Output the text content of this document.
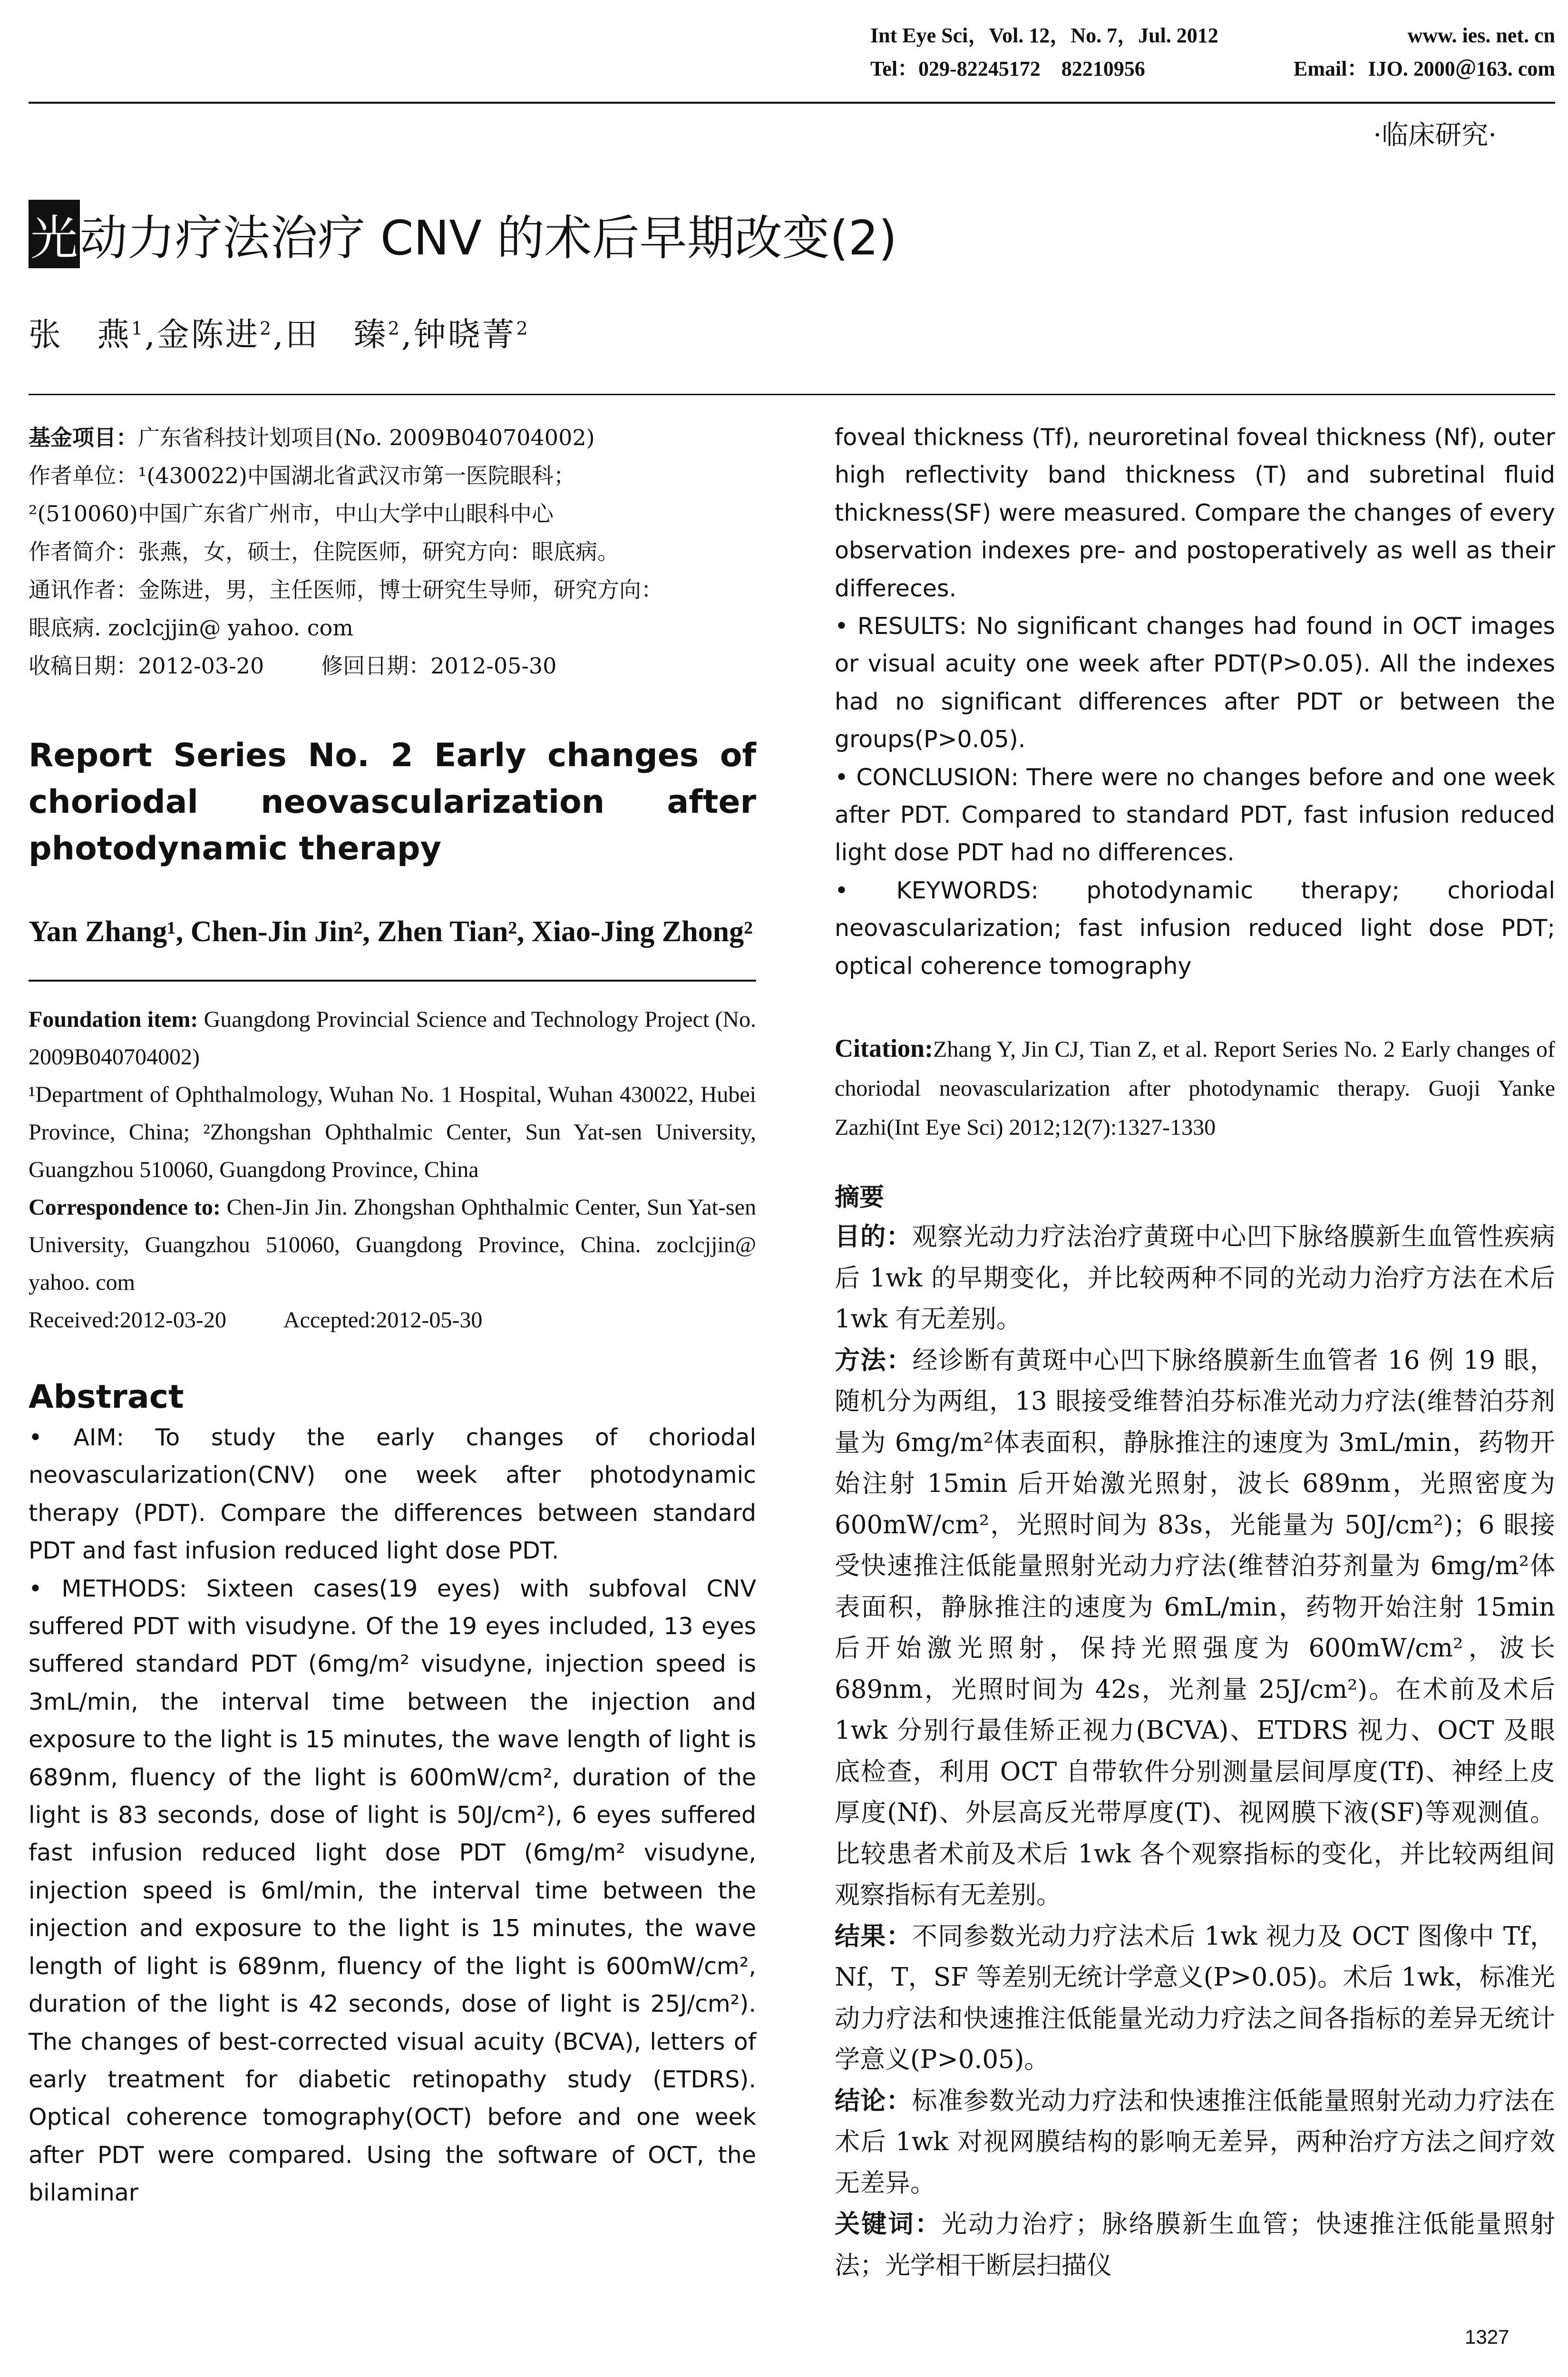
Int Eye Sci，Vol. 12，No. 7，Jul. 2012	www. ies. net. cn
Tel：029-82245172　82210956	Email：IJO. 2000＠163. com
·临床研究·
光动力疗法治疗 CNV 的术后早期改变(2)
张　燕$^1$,金陈进$^2$,田　臻$^2$,钟晓菁$^2$
基金项目：广东省科技计划项目(No. 2009B040704002)
作者单位：¹(430022)中国湖北省武汉市第一医院眼科；
²(510060)中国广东省广州市，中山大学中山眼科中心
作者简介：张燕，女，硕士，住院医师，研究方向：眼底病。
通讯作者：金陈进，男，主任医师，博士研究生导师，研究方向：
眼底病. zoclcjjin@ yahoo. com
收稿日期：2012-03-20	修回日期：2012-05-30
Report Series No. 2 Early changes of choriodal neovascularization after photodynamic therapy
Yan Zhang¹, Chen-Jin Jin², Zhen Tian², Xiao-Jing Zhong²

Foundation item: Guangdong Provincial Science and Technology Project (No. 2009B040704002)

¹Department of Ophthalmology, Wuhan No. 1 Hospital, Wuhan 430022, Hubei Province, China; ²Zhongshan Ophthalmic Center, Sun Yat-sen University, Guangzhou 510060, Guangdong Province, China

Correspondence to: Chen-Jin Jin. Zhongshan Ophthalmic Center, Sun Yat-sen University, Guangzhou 510060, Guangdong Province, China. zoclcjjin@ yahoo. com

Received:2012-03-20	Accepted:2012-05-30

Abstract

• AIM: To study the early changes of choriodal neovascularization(CNV) one week after photodynamic therapy (PDT). Compare the differences between standard PDT and fast infusion reduced light dose PDT.

• METHODS: Sixteen cases(19 eyes) with subfoval CNV suffered PDT with visudyne. Of the 19 eyes included, 13 eyes suffered standard PDT (6mg/m² visudyne, injection speed is 3mL/min, the interval time between the injection and exposure to the light is 15 minutes, the wave length of light is 689nm, fluency of the light is 600mW/cm², duration of the light is 83 seconds, dose of light is 50J/cm²), 6 eyes suffered fast infusion reduced light dose PDT (6mg/m² visudyne, injection speed is 6ml/min, the interval time between the injection and exposure to the light is 15 minutes, the wave length of light is 689nm, fluency of the light is 600mW/cm², duration of the light is 42 seconds, dose of light is 25J/cm²). The changes of best-corrected visual acuity (BCVA), letters of early treatment for diabetic retinopathy study (ETDRS). Optical coherence tomography(OCT) before and one week after PDT were compared. Using the software of OCT, the bilaminar

foveal thickness (Tf), neuroretinal foveal thickness (Nf), outer high reflectivity band thickness (T) and subretinal fluid thickness(SF) were measured. Compare the changes of every observation indexes pre- and postoperatively as well as their differeces.

• RESULTS: No significant changes had found in OCT images or visual acuity one week after PDT(P>0.05). All the indexes had no significant differences after PDT or between the groups(P>0.05).

• CONCLUSION: There were no changes before and one week after PDT. Compared to standard PDT, fast infusion reduced light dose PDT had no differences.

• KEYWORDS: photodynamic therapy; choriodal neovascularization; fast infusion reduced light dose PDT; optical coherence tomography

Citation:Zhang Y, Jin CJ, Tian Z, et al. Report Series No. 2 Early changes of choriodal neovascularization after photodynamic therapy. Guoji Yanke Zazhi(Int Eye Sci) 2012;12(7):1327-1330
摘要

目的：观察光动力疗法治疗黄斑中心凹下脉络膜新生血管性疾病后 1wk 的早期变化，并比较两种不同的光动力治疗方法在术后 1wk 有无差别。

方法：经诊断有黄斑中心凹下脉络膜新生血管者 16 例 19 眼，随机分为两组，13 眼接受维替泊芬标准光动力疗法(维替泊芬剂量为 6mg/m²体表面积，静脉推注的速度为 3mL/min，药物开始注射 15min 后开始激光照射，波长 689nm，光照密度为 600mW/cm²，光照时间为 83s，光能量为 50J/cm²)；6 眼接受快速推注低能量照射光动力疗法(维替泊芬剂量为 6mg/m²体表面积，静脉推注的速度为 6mL/min，药物开始注射 15min 后开始激光照射，保持光照强度为 600mW/cm²，波长 689nm，光照时间为 42s，光剂量 25J/cm²)。在术前及术后 1wk 分别行最佳矫正视力(BCVA)、ETDRS 视力、OCT 及眼底检查，利用 OCT 自带软件分别测量层间厚度(Tf)、神经上皮厚度(Nf)、外层高反光带厚度(T)、视网膜下液(SF)等观测值。比较患者术前及术后 1wk 各个观察指标的变化，并比较两组间观察指标有无差别。

结果：不同参数光动力疗法术后 1wk 视力及 OCT 图像中 Tf，Nf，T，SF 等差别无统计学意义(P>0.05)。术后 1wk，标准光动力疗法和快速推注低能量光动力疗法之间各指标的差异无统计学意义(P>0.05)。

结论：标准参数光动力疗法和快速推注低能量照射光动力疗法在术后 1wk 对视网膜结构的影响无差异，两种治疗方法之间疗效无差异。

关键词：光动力治疗；脉络膜新生血管；快速推注低能量照射法；光学相干断层扫描仪

1327
